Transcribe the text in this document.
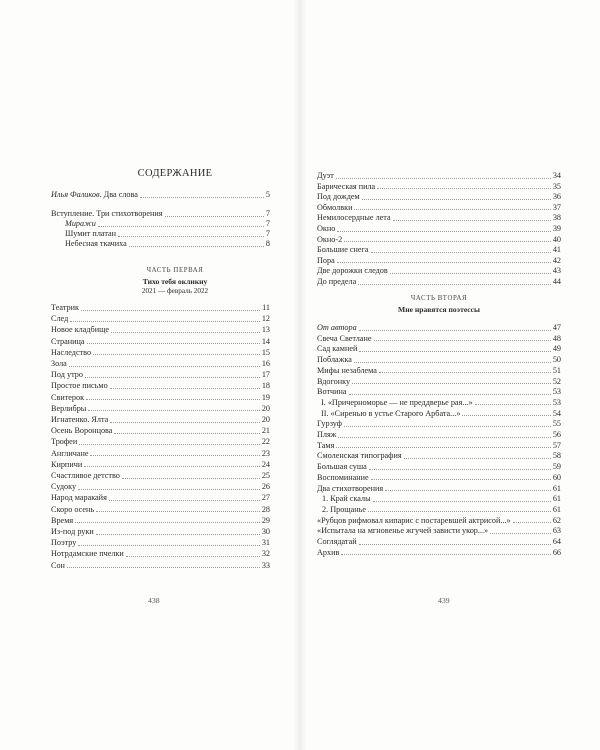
СОДЕРЖАНИЕ
Илья Фаликов . Два слова	5
Вступление. Три стихотворения	7
Миражи	7
Шумит платан	7
Небесная ткачиха	8
ЧАСТЬ ПЕРВАЯ
Тихо тебя окликну
2021 — февраль 2022
Театрик	11
След	12
Новое кладбище	13
Страница	14
Наследство	15
Зола	16
Под утро	17
Простое письмо	18
Свитерок	19
Верлибры	20
Игнатенко. Ялта	20
Осень Воронцова	21
Трофеи	22
Англичане	23
Кирпичи	24
Счастливое детство	25
Судоку	26
Народ маракайя	27
Скоро осень	28
Время	29
Из-под руки	30
Поэтру	31
Нотрдамские пчелки	32
Сон	33
438
Дуэт	34
Барическая пила	35
Под дождем	36
Обмолвки	37
Немилосердные лета	38
Окно	39
Окно-2	40
Большие снега	41
Пора	42
Две дорожки следов	43
До предела	44
ЧАСТЬ ВТОРАЯ
Мне нравятся поэтессы
От автора	47
Свеча Светлане	48
Сад камней	49
Поблажка	50
Мифы незаблема	51
Вдогонку	52
Вотчина	53
I. «Причерноморье — не преддверье рая...»	53
II. «Сиренью в устье Старого Арбата...»	54
Гурзуф	55
Пляж	56
Тамя	57
Смоленская типография	58
Большая суша	59
Воспоминание	60
Два стихотворения	61
1. Край скалы	61
2. Прощанье	61
«Рубцов рифмовал кипарис с постаревшей актрисой...»	62
«Испытала на мгновенье жгучей зависти укор...»	63
Соглядатай	64
Архив	66
439
